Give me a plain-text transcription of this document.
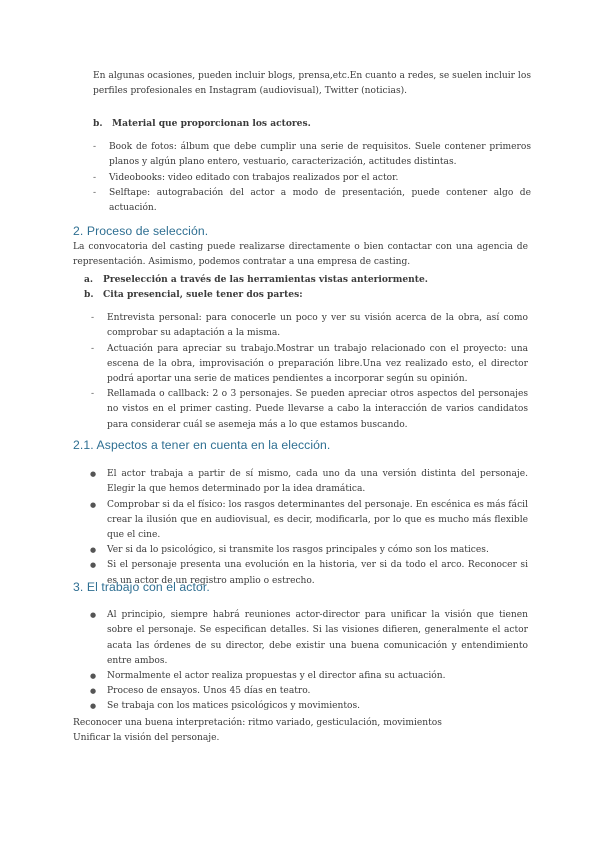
En algunas ocasiones, pueden incluir blogs, prensa,etc.En cuanto a redes, se suelen incluir los perfiles profesionales en Instagram (audiovisual), Twitter (noticias).

b. Material que proporcionan los actores.
- Book de fotos: álbum que debe cumplir una serie de requisitos. Suele contener primeros planos y algún plano entero, vestuario, caracterización, actitudes distintas.
- Videobooks: video editado con trabajos realizados por el actor.
- Selftape: autograbación del actor a modo de presentación, puede contener algo de actuación.
2. Proceso de selección.

La convocatoria del casting puede realizarse directamente o bien contactar con una agencia de representación. Asimismo, podemos contratar a una empresa de casting.

a. Preselección a través de las herramientas vistas anteriormente.
b. Cita presencial, suele tener dos partes:
- Entrevista personal: para conocerle un poco y ver su visión acerca de la obra, así como comprobar su adaptación a la misma.
- Actuación para apreciar su trabajo.Mostrar un trabajo relacionado con el proyecto: una escena de la obra, improvisación o preparación libre.Una vez realizado esto, el director podrá aportar una serie de matices pendientes a incorporar según su opinión.
- Rellamada o callback: 2 o 3 personajes. Se pueden apreciar otros aspectos del personajes no vistos en el primer casting. Puede llevarse a cabo la interacción de varios candidatos para considerar cuál se asemeja más a lo que estamos buscando.
2.1. Aspectos a tener en cuenta en la elección.
● El actor trabaja a partir de sí mismo, cada uno da una versión distinta del personaje. Elegir la que hemos determinado por la idea dramática.
● Comprobar si da el físico: los rasgos determinantes del personaje. En escénica es más fácil crear la ilusión que en audiovisual, es decir, modificarla, por lo que es mucho más flexible que el cine.
● Ver si da lo psicológico, si transmite los rasgos principales y cómo son los matices.
● Si el personaje presenta una evolución en la historia, ver si da todo el arco. Reconocer si es un actor de un registro amplio o estrecho.
3. El trabajo con el actor.
● Al principio, siempre habrá reuniones actor-director para unificar la visión que tienen sobre el personaje. Se especifican detalles. Si las visiones difieren, generalmente el actor acata las órdenes de su director, debe existir una buena comunicación y entendimiento entre ambos.
● Normalmente el actor realiza propuestas y el director afina su actuación.
● Proceso de ensayos. Unos 45 días en teatro.
● Se trabaja con los matices psicológicos y movimientos.

Reconocer una buena interpretación: ritmo variado, gesticulación, movimientos

Unificar la visión del personaje.
